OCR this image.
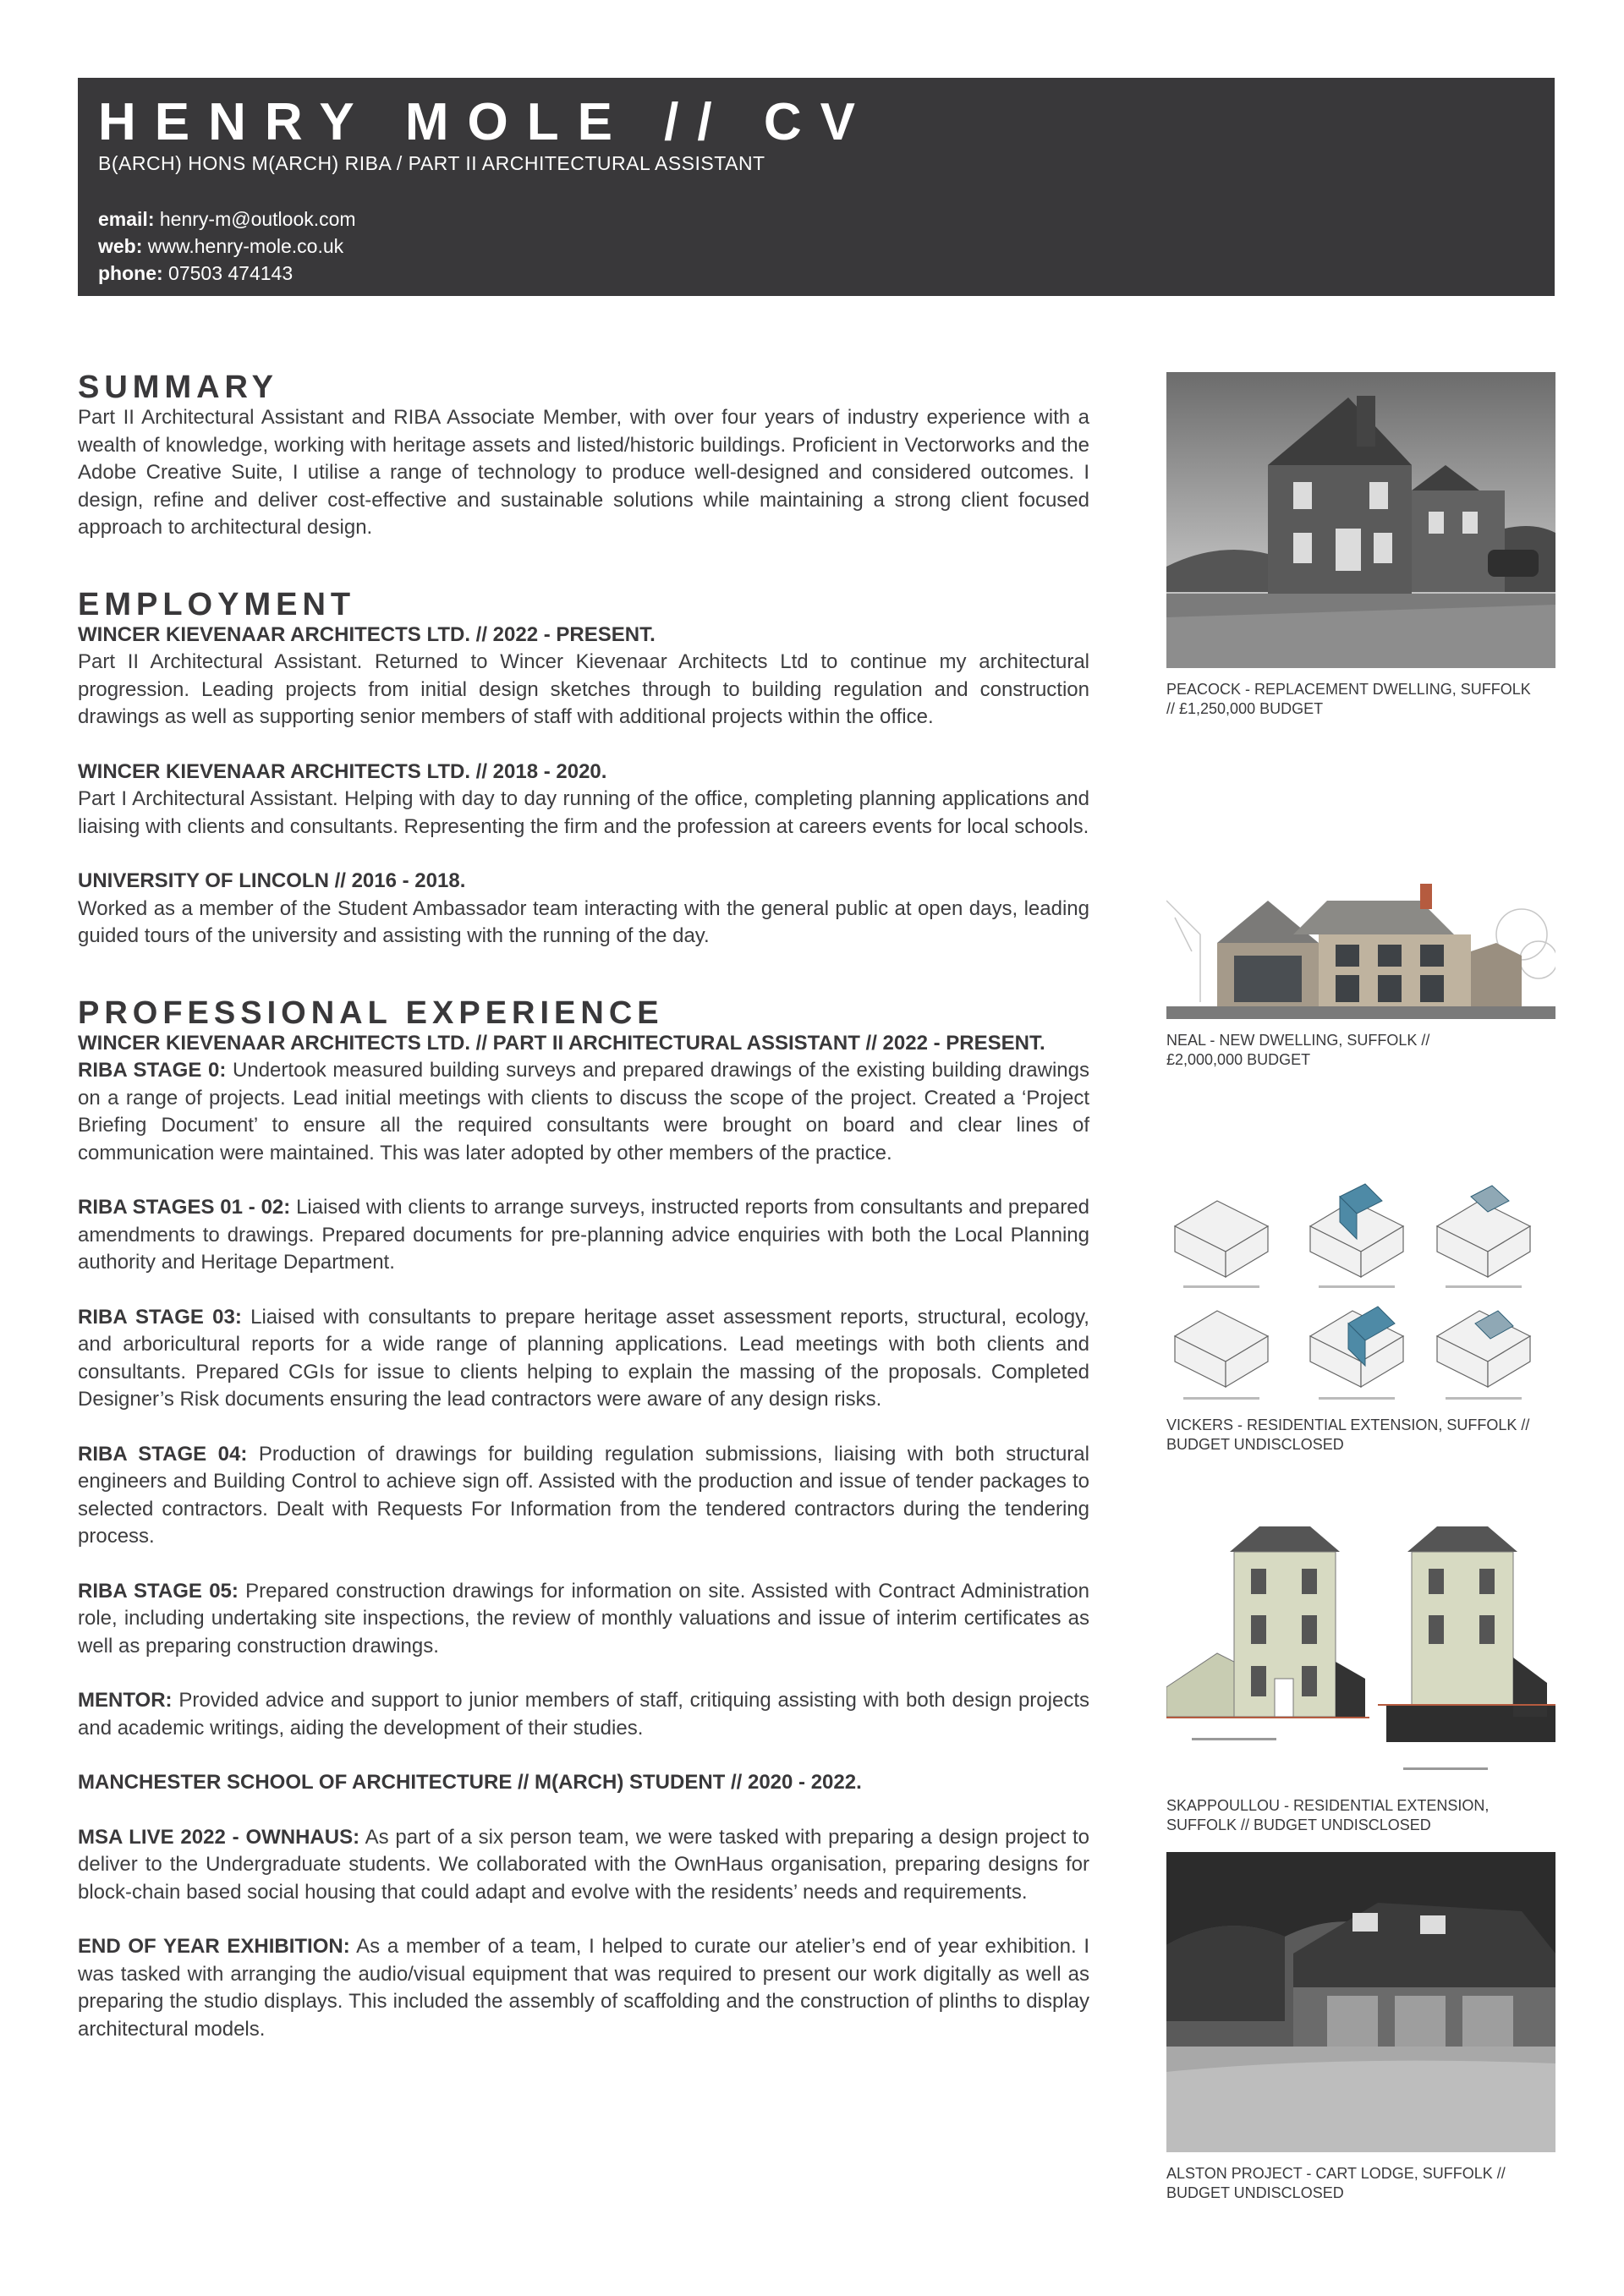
HENRY MOLE // CV
B(ARCH) HONS M(ARCH) RIBA / PART II ARCHITECTURAL ASSISTANT
email: henry-m@outlook.com
web: www.henry-mole.co.uk
phone: 07503 474143
SUMMARY
Part II Architectural Assistant and RIBA Associate Member, with over four years of industry experience with a wealth of knowledge, working with heritage assets and listed/historic buildings. Proficient in Vectorworks and the Adobe Creative Suite, I utilise a range of technology to produce well-designed and considered outcomes. I design, refine and deliver cost-effective and sustainable solutions while maintaining a strong client focused approach to architectural design.
EMPLOYMENT
WINCER KIEVENAAR ARCHITECTS LTD. // 2022 - PRESENT.
Part II Architectural Assistant. Returned to Wincer Kievenaar Architects Ltd to continue my architectural progression. Leading projects from initial design sketches through to building regulation and construction drawings as well as supporting senior members of staff with additional projects within the office.
WINCER KIEVENAAR ARCHITECTS LTD. // 2018 - 2020.
Part I Architectural Assistant. Helping with day to day running of the office, completing planning applications and liaising with clients and consultants. Representing the firm and the profession at careers events for local schools.
UNIVERSITY OF LINCOLN // 2016 - 2018.
Worked as a member of the Student Ambassador team interacting with the general public at open days, leading guided tours of the university and assisting with the running of the day.
PROFESSIONAL EXPERIENCE
WINCER KIEVENAAR ARCHITECTS LTD. // PART II ARCHITECTURAL ASSISTANT // 2022 - PRESENT.
RIBA STAGE 0: Undertook measured building surveys and prepared drawings of the existing building drawings on a range of projects. Lead initial meetings with clients to discuss the scope of the project. Created a ‘Project Briefing Document’ to ensure all the required consultants were brought on board and clear lines of communication were maintained. This was later adopted by other members of the practice.
RIBA STAGES 01 - 02: Liaised with clients to arrange surveys, instructed reports from consultants and prepared amendments to drawings. Prepared documents for pre-planning advice enquiries with both the Local Planning authority and Heritage Department.
RIBA STAGE 03: Liaised with consultants to prepare heritage asset assessment reports, structural, ecology, and arboricultural reports for a wide range of planning applications. Lead meetings with both clients and consultants. Prepared CGIs for issue to clients helping to explain the massing of the proposals. Completed Designer’s Risk documents ensuring the lead contractors were aware of any design risks.
RIBA STAGE 04: Production of drawings for building regulation submissions, liaising with both structural engineers and Building Control to achieve sign off. Assisted with the production and issue of tender packages to selected contractors. Dealt with Requests For Information from the tendered contractors during the tendering process.
RIBA STAGE 05: Prepared construction drawings for information on site. Assisted with Contract Administration role, including undertaking site inspections, the review of monthly valuations and issue of interim certificates as well as preparing construction drawings.
MENTOR: Provided advice and support to junior members of staff, critiquing assisting with both design projects and academic writings, aiding the development of their studies.
MANCHESTER SCHOOL OF ARCHITECTURE // M(ARCH) STUDENT // 2020 - 2022.
MSA LIVE 2022 - OWNHAUS: As part of a six person team, we were tasked with preparing a design project to deliver to the Undergraduate students. We collaborated with the OwnHaus organisation, preparing designs for block-chain based social housing that could adapt and evolve with the residents’ needs and requirements.
END OF YEAR EXHIBITION: As a member of a team, I helped to curate our atelier’s end of year exhibition. I was tasked with arranging the audio/visual equipment that was required to present our work digitally as well as preparing the studio displays. This included the assembly of scaffolding and the construction of plinths to display architectural models.
PEACOCK - REPLACEMENT DWELLING, SUFFOLK
// £1,250,000 BUDGET
NEAL - NEW DWELLING, SUFFOLK //
£2,000,000 BUDGET
VICKERS - RESIDENTIAL EXTENSION, SUFFOLK //
BUDGET UNDISCLOSED
SKAPPOULLOU - RESIDENTIAL EXTENSION,
SUFFOLK // BUDGET UNDISCLOSED
ALSTON PROJECT - CART LODGE, SUFFOLK //
BUDGET UNDISCLOSED
